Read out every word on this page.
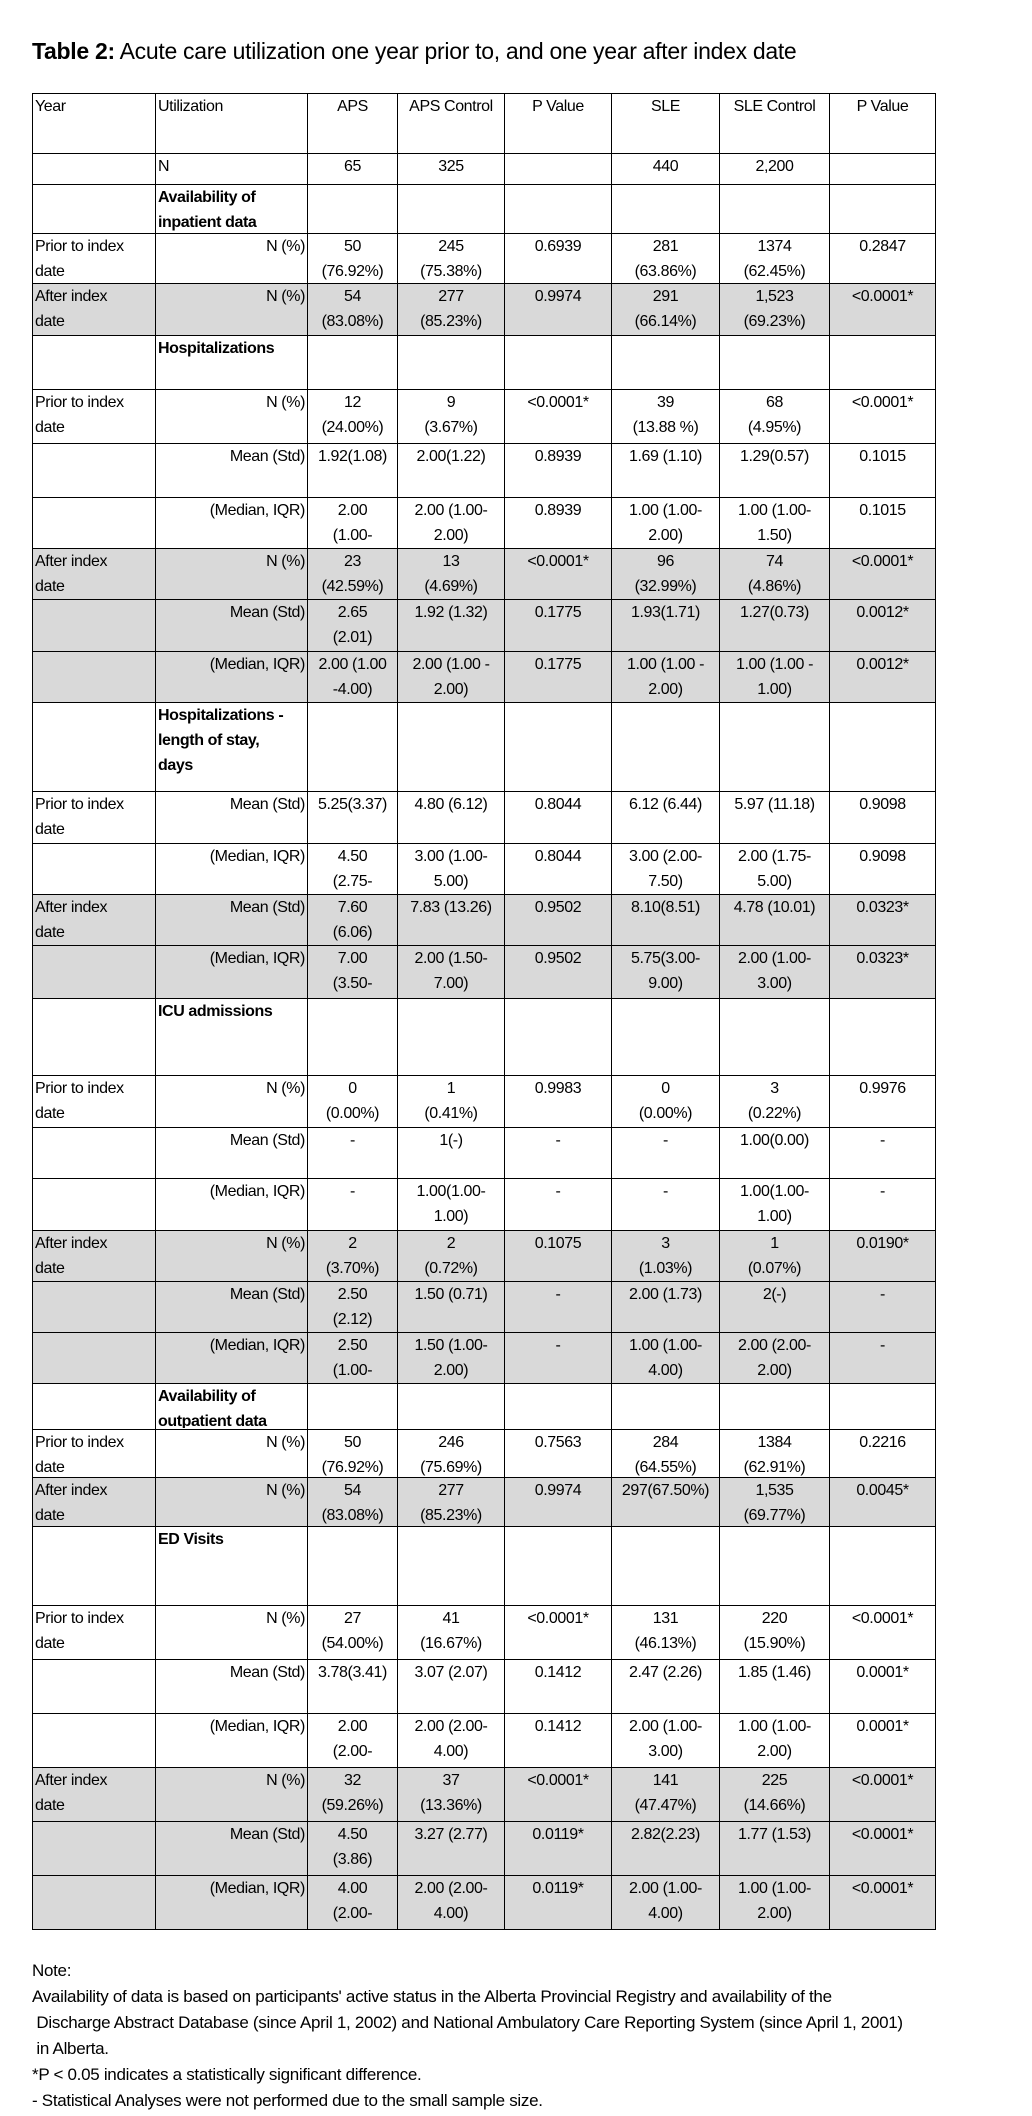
Table 2: Acute care utilization one year prior to, and one year after index date
Year	Utilization	APS	APS Control	P Value	SLE	SLE Control	P Value

	N	65	325		440	2,200	

	Availability of
inpatient data						

Prior to index
date	N (%)	50
(76.92%)	245
(75.38%)	0.6939	281
(63.86%)	1374
(62.45%)	0.2847

After index
date	N (%)	54
(83.08%)	277
(85.23%)	0.9974	291
(66.14%)	1,523
(69.23%)	<0.0001*

	Hospitalizations						

Prior to index
date	N (%)	12
(24.00%)	9
(3.67%)	<0.0001*	39
(13.88 %)	68
(4.95%)	<0.0001*

	Mean (Std)	1.92(1.08)	2.00(1.22)	0.8939	1.69 (1.10)	1.29(0.57)	0.1015

	(Median, IQR)	2.00
(1.00-	2.00 (1.00-
2.00)	0.8939	1.00 (1.00-
2.00)	1.00 (1.00-
1.50)	0.1015

After index
date	N (%)	23
(42.59%)	13
(4.69%)	<0.0001*	96
(32.99%)	74
(4.86%)	<0.0001*

	Mean (Std)	2.65
(2.01)	1.92 (1.32)	0.1775	1.93(1.71)	1.27(0.73)	0.0012*

	(Median, IQR)	2.00 (1.00
-4.00)	2.00 (1.00 -
2.00)	0.1775	1.00 (1.00 -
2.00)	1.00 (1.00 -
1.00)	0.0012*

	Hospitalizations -
length of stay,
days						

Prior to index
date	Mean (Std)	5.25(3.37)	4.80 (6.12)	0.8044	6.12 (6.44)	5.97 (11.18)	0.9098

	(Median, IQR)	4.50
(2.75-	3.00 (1.00-
5.00)	0.8044	3.00 (2.00-
7.50)	2.00 (1.75-
5.00)	0.9098

After index
date	Mean (Std)	7.60
(6.06)	7.83 (13.26)	0.9502	8.10(8.51)	4.78 (10.01)	0.0323*

	(Median, IQR)	7.00
(3.50-	2.00 (1.50-
7.00)	0.9502	5.75(3.00-
9.00)	2.00 (1.00-
3.00)	0.0323*

	ICU admissions						

Prior to index
date	N (%)	0
(0.00%)	1
(0.41%)	0.9983	0
(0.00%)	3
(0.22%)	0.9976

	Mean (Std)	-	1(-)	-	-	1.00(0.00)	-

	(Median, IQR)	-	1.00(1.00-
1.00)	-	-	1.00(1.00-
1.00)	-

After index
date	N (%)	2
(3.70%)	2
(0.72%)	0.1075	3
(1.03%)	1
(0.07%)	0.0190*

	Mean (Std)	2.50
(2.12)	1.50 (0.71)	-	2.00 (1.73)	2(-)	-

	(Median, IQR)	2.50
(1.00-	1.50 (1.00-
2.00)	-	1.00 (1.00-
4.00)	2.00 (2.00-
2.00)	-

	Availability of
outpatient data						

Prior to index
date	N (%)	50
(76.92%)	246
(75.69%)	0.7563	284
(64.55%)	1384
(62.91%)	0.2216

After index
date	N (%)	54
(83.08%)	277
(85.23%)	0.9974	297(67.50%)	1,535
(69.77%)	0.0045*

	ED Visits						

Prior to index
date	N (%)	27
(54.00%)	41
(16.67%)	<0.0001*	131
(46.13%)	220
(15.90%)	<0.0001*

	Mean (Std)	3.78(3.41)	3.07 (2.07)	0.1412	2.47 (2.26)	1.85 (1.46)	0.0001*

	(Median, IQR)	2.00
(2.00-	2.00 (2.00-
4.00)	0.1412	2.00 (1.00-
3.00)	1.00 (1.00-
2.00)	0.0001*

After index
date	N (%)	32
(59.26%)	37
(13.36%)	<0.0001*	141
(47.47%)	225
(14.66%)	<0.0001*

	Mean (Std)	4.50
(3.86)	3.27 (2.77)	0.0119*	2.82(2.23)	1.77 (1.53)	<0.0001*

	(Median, IQR)	4.00
(2.00-	2.00 (2.00-
4.00)	0.0119*	2.00 (1.00-
4.00)	1.00 (1.00-
2.00)	<0.0001*
Note:
Availability of data is based on participants' active status in the Alberta Provincial Registry and availability of the
Discharge Abstract Database (since April 1, 2002) and National Ambulatory Care Reporting System (since April 1, 2001)
in Alberta.
*P < 0.05 indicates a statistically significant difference.
- Statistical Analyses were not performed due to the small sample size.
